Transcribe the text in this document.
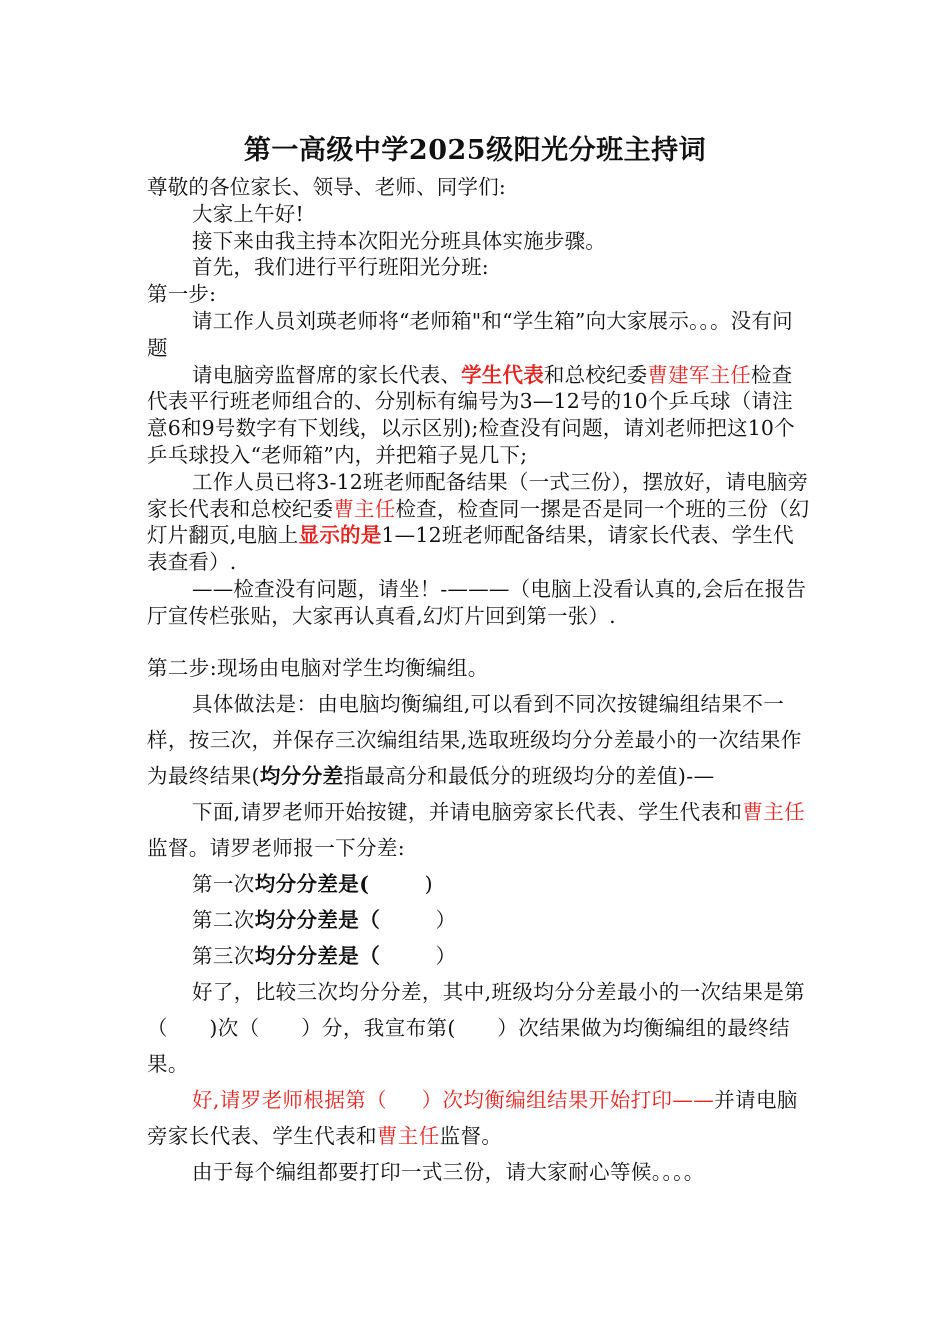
第一高级中学2025级阳光分班主持词

尊敬的各位家长、领导、老师、同学们:

大家上午好!

接下来由我主持本次阳光分班具体实施步骤。

首先，我们进行平行班阳光分班:

第一步:

请工作人员刘瑛老师将“老师箱"和“学生箱”向大家展示。。。没有问题

请电脑旁监督席的家长代表、学生代表和总校纪委曹建军主任检查代表平行班老师组合的、分别标有编号为3—12号的10个乒乓球（请注意6和9号数字有下划线，以示区别);检查没有问题，请刘老师把这10个乒乓球投入“老师箱”内，并把箱子晃几下;

工作人员已将3-12班老师配备结果（一式三份），摆放好，请电脑旁家长代表和总校纪委曹主任检查，检查同一摞是否是同一个班的三份（幻灯片翻页,电脑上显示的是1—12班老师配备结果，请家长代表、学生代表查看）.

——检查没有问题，请坐！-———（电脑上没看认真的,会后在报告厅宣传栏张贴，大家再认真看,幻灯片回到第一张）.

第二步:现场由电脑对学生均衡编组。

具体做法是：由电脑均衡编组,可以看到不同次按键编组结果不一样，按三次，并保存三次编组结果,选取班级均分分差最小的一次结果作为最终结果(均分分差指最高分和最低分的班级均分的差值)-—

下面,请罗老师开始按键，并请电脑旁家长代表、学生代表和曹主任监督。请罗老师报一下分差:

第一次均分分差是(        )

第二次均分分差是（        ）

第三次均分分差是（        ）

好了，比较三次均分分差，其中,班级均分分差最小的一次结果是第（      )次（      ）分，我宣布第(      ）次结果做为均衡编组的最终结果。

好,请罗老师根据第（     ）次均衡编组结果开始打印——并请电脑旁家长代表、学生代表和曹主任监督。

由于每个编组都要打印一式三份，请大家耐心等候。。。。
